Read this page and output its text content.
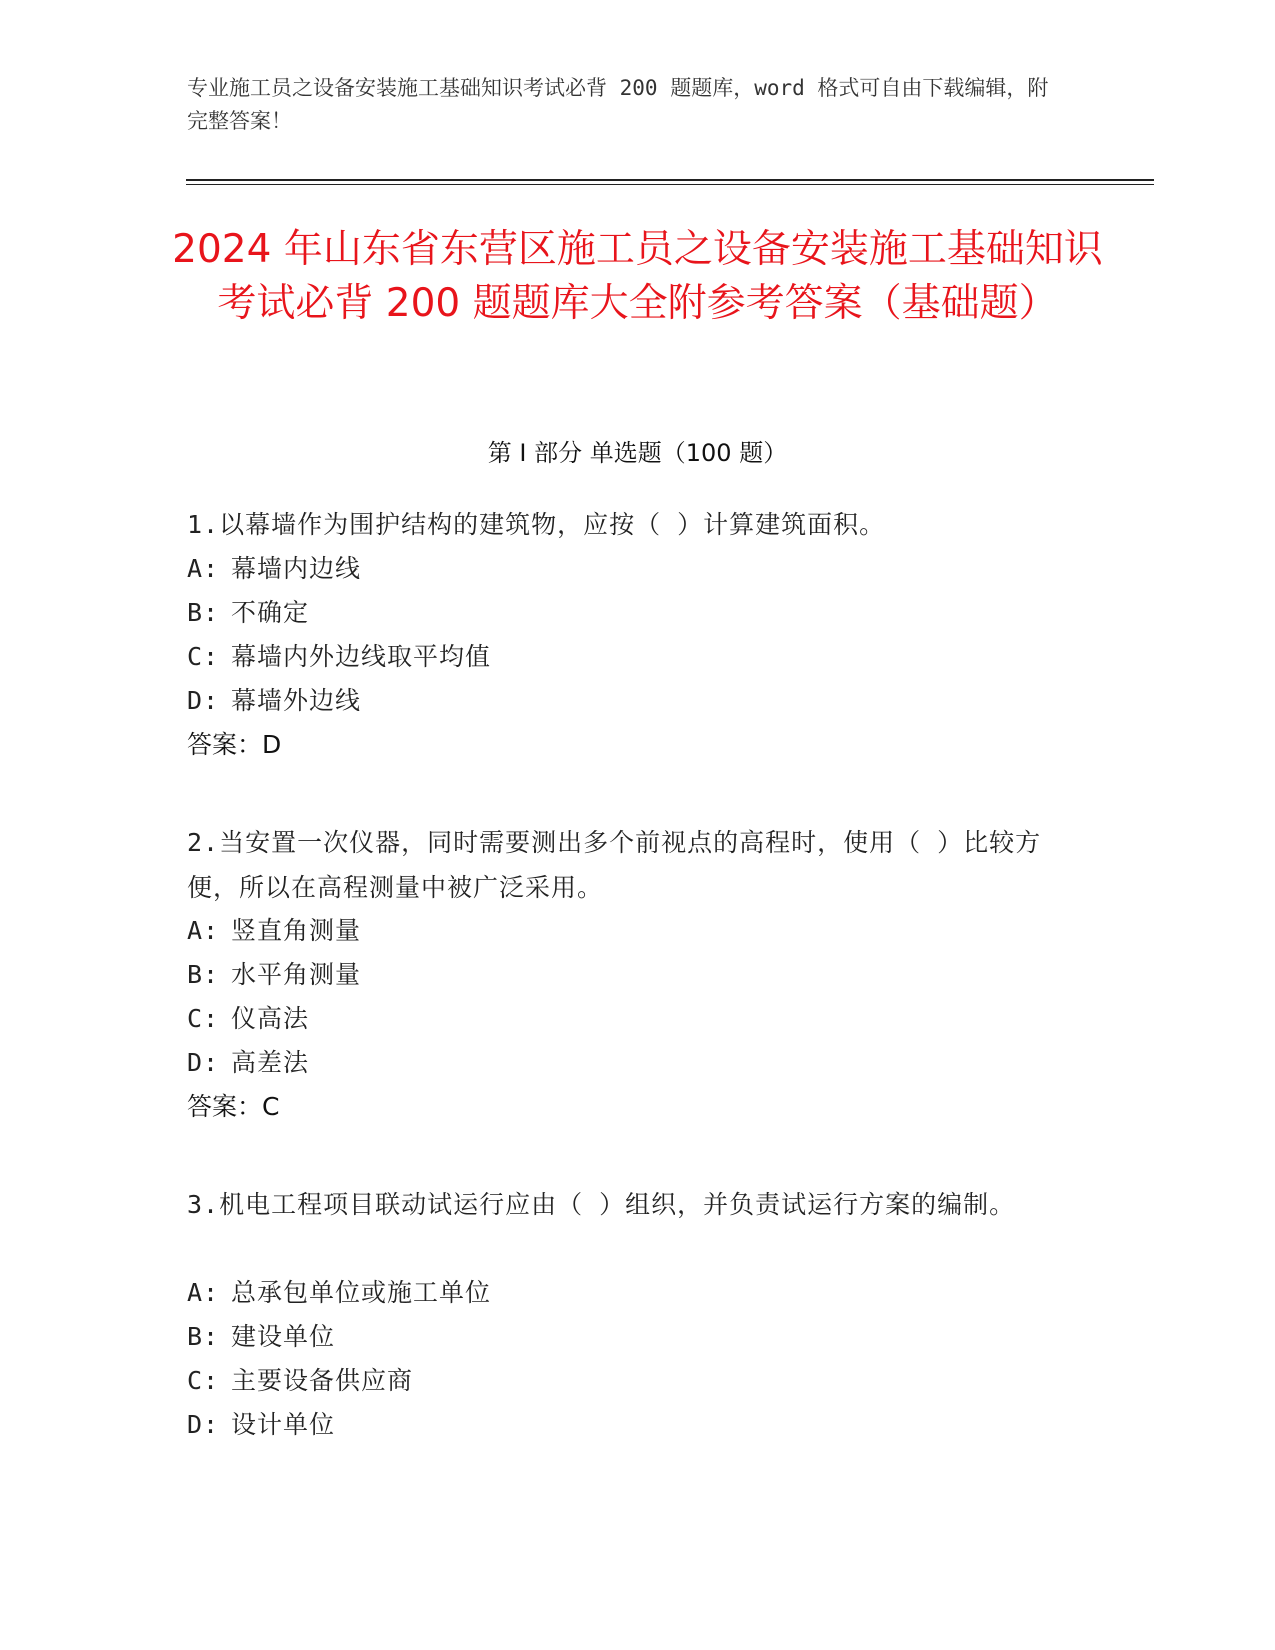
专业施工员之设备安装施工基础知识考试必背 200 题题库，word 格式可自由下载编辑，附完整答案！
2024 年山东省东营区施工员之设备安装施工基础知识考试必背 200 题题库大全附参考答案（基础题）
第 I 部分 单选题（100 题）
1.以幕墙作为围护结构的建筑物，应按（ ）计算建筑面积。
A: 幕墙内边线
B: 不确定
C: 幕墙内外边线取平均值
D: 幕墙外边线
答案：D
2.当安置一次仪器，同时需要测出多个前视点的高程时，使用（ ）比较方便，所以在高程测量中被广泛采用。
A: 竖直角测量
B: 水平角测量
C: 仪高法
D: 高差法
答案：C
3.机电工程项目联动试运行应由（ ）组织，并负责试运行方案的编制。
A: 总承包单位或施工单位
B: 建设单位
C: 主要设备供应商
D: 设计单位
